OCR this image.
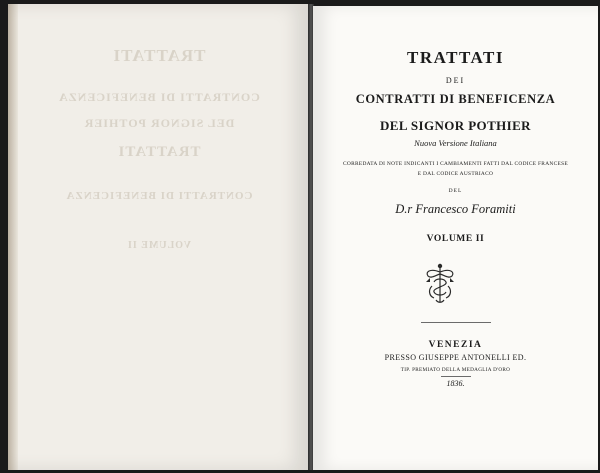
TRATTATI
CONTRATTI DI BENEFICENZA
DEL SIGNOR POTHIER
TRATTATI
CONTRATTI DI BENEFICENZA
VOLUME II
TRATTATI
DEI
CONTRATTI DI BENEFICENZA
DEL SIGNOR POTHIER
Nuova Versione Italiana
CORREDATA DI NOTE INDICANTI I CAMBIAMENTI FATTI DAL CODICE FRANCESE
E DAL CODICE AUSTRIACO
DEL
D.r Francesco Foramiti
VOLUME II
VENEZIA
PRESSO GIUSEPPE ANTONELLI ED.
TIP. PREMIATO DELLA MEDAGLIA D'ORO
1836.
